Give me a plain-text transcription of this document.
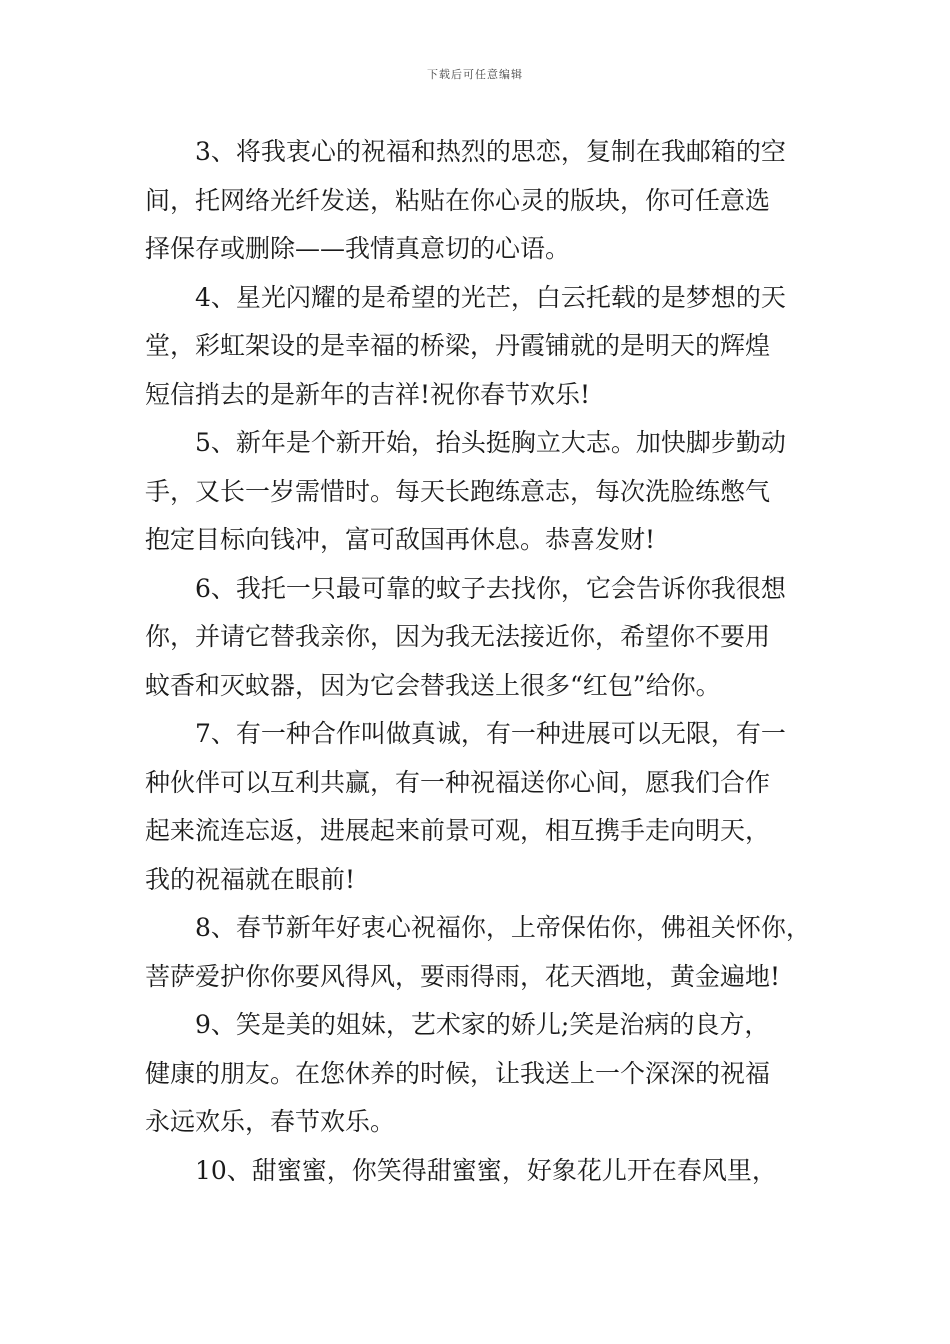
下载后可任意编辑
3、将我衷心的祝福和热烈的思恋，复制在我邮箱的空
间，托网络光纤发送，粘贴在你心灵的版块，你可任意选
择保存或删除——我情真意切的心语。
4、星光闪耀的是希望的光芒，白云托载的是梦想的天
堂，彩虹架设的是幸福的桥梁，丹霞铺就的是明天的辉煌
短信捎去的是新年的吉祥!祝你春节欢乐!
5、新年是个新开始，抬头挺胸立大志。加快脚步勤动
手，又长一岁需惜时。每天长跑练意志，每次洗脸练憋气
抱定目标向钱冲，富可敌国再休息。恭喜发财!
6、我托一只最可靠的蚊子去找你，它会告诉你我很想
你，并请它替我亲你，因为我无法接近你，希望你不要用
蚊香和灭蚊器，因为它会替我送上很多“红包”给你。
7、有一种合作叫做真诚，有一种进展可以无限，有一
种伙伴可以互利共赢，有一种祝福送你心间，愿我们合作
起来流连忘返，进展起来前景可观，相互携手走向明天，
我的祝福就在眼前!
8、春节新年好衷心祝福你，上帝保佑你，佛祖关怀你，
菩萨爱护你你要风得风，要雨得雨，花天酒地，黄金遍地!
9、笑是美的姐妹，艺术家的娇儿;笑是治病的良方，
健康的朋友。在您休养的时候，让我送上一个深深的祝福
永远欢乐，春节欢乐。
10、甜蜜蜜，你笑得甜蜜蜜，好象花儿开在春风里，
